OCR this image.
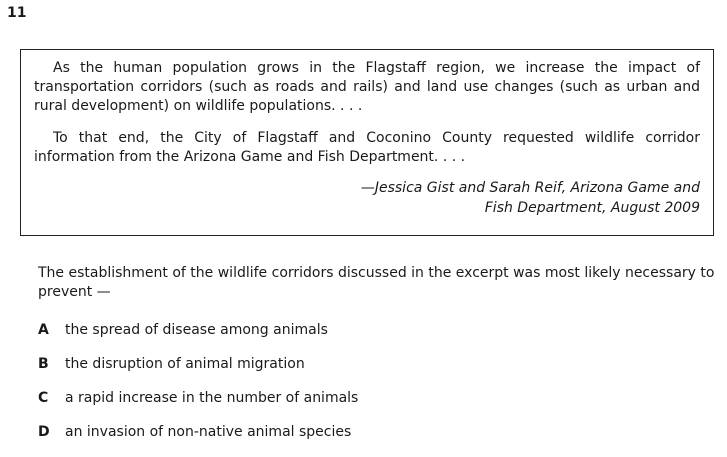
11

As the human population grows in the Flagstaff region, we increase the impact of transportation corridors (such as roads and rails) and land use changes (such as urban and rural development) on wildlife populations. . . .

To that end, the City of Flagstaff and Coconino County requested wildlife corridor information from the Arizona Game and Fish Department. . . .

—Jessica Gist and Sarah Reif, Arizona Game and
Fish Department, August 2009

The establishment of the wildlife corridors discussed in the excerpt was most likely necessary to prevent —

A	the spread of disease among animals
B	the disruption of animal migration
C	a rapid increase in the number of animals
D	an invasion of non-native animal species
